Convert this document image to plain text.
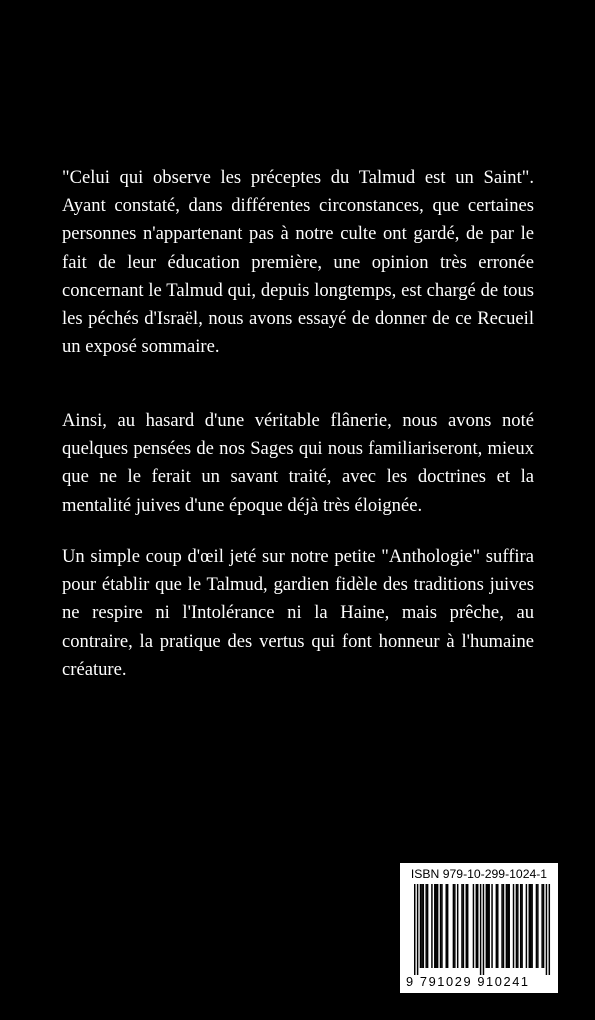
"Celui qui observe les préceptes du Talmud est un Saint". Ayant constaté, dans différentes circonstances, que certaines personnes n'appartenant pas à notre culte ont gardé, de par le fait de leur éducation première, une opinion très erronée concernant le Talmud qui, depuis longtemps, est chargé de tous les péchés d'Israël, nous avons essayé de donner de ce Recueil un exposé sommaire.

Ainsi, au hasard d'une véritable flânerie, nous avons noté quelques pensées de nos Sages qui nous familiariseront, mieux que ne le ferait un savant traité, avec les doctrines et la mentalité juives d'une époque déjà très éloignée.

Un simple coup d'œil jeté sur notre petite "Anthologie" suffira pour établir que le Talmud, gardien fidèle des traditions juives ne respire ni l'Intolérance ni la Haine, mais prêche, au contraire, la pratique des vertus qui font honneur à l'humaine créature.

ISBN 979-10-299-1024-1
9 791029 910241
